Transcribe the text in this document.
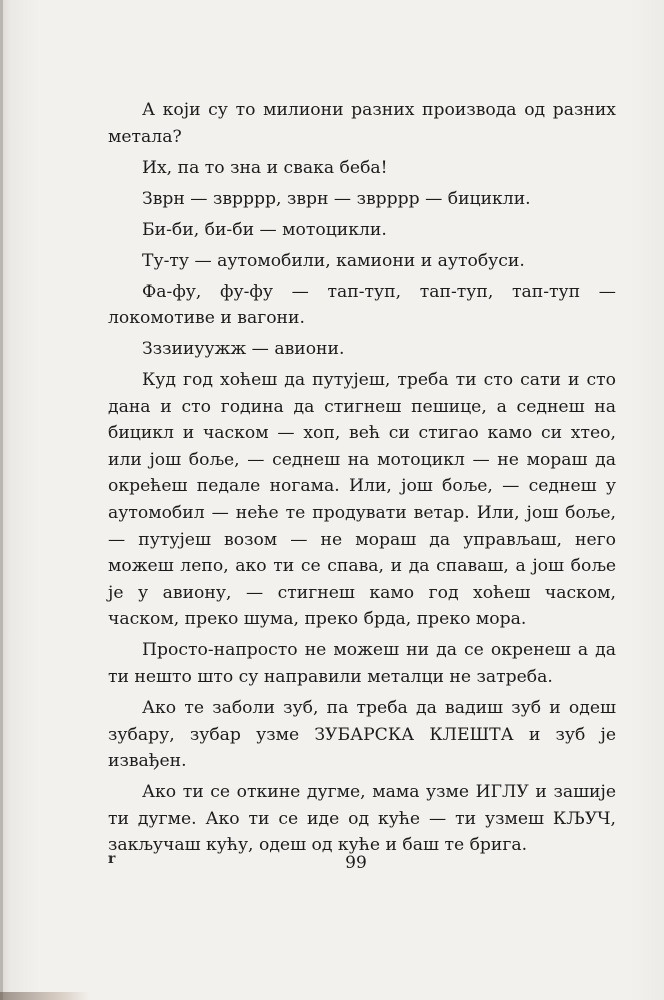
А који су то милиони разних производа од разних метала?

Их, па то зна и свака беба!

Зврн — зврррр, зврн — зврррр — бицикли.

Би-би, би-би — мотоцикли.

Ту-ту — аутомобили, камиони и аутобуси.

Фа-фу, фу-фу — тап-туп, тап-туп, тап-туп — локомотиве и вагони.

Зззииуужж — авиони.

Куд год хоћеш да путујеш, треба ти сто сати и сто дана и сто година да стигнеш пешице, а седнеш на бицикл и часком — хоп, већ си стигао камо си хтео, или још боље, — седнеш на мотоцикл — не мораш да окрећеш педале ногама. Или, још боље, — седнеш у аутомобил — неће те продувати ветар. Или, још боље, — путујеш возом — не мораш да управљаш, него можеш лепо, ако ти се спава, и да спаваш, а још боље је у авиону, — стигнеш камо год хоћеш часком, часком, преко шума, преко брда, преко мора.

Просто-напросто не можеш ни да се окренеш а да ти нешто што су направили металци не затреба.

Ако те заболи зуб, па треба да вадиш зуб и одеш зубару, зубар узме ЗУБАРСКА КЛЕШТА и зуб је извађен.

Ако ти се откине дугме, мама узме ИГЛУ и зашије ти дугме. Ако ти се иде од куће — ти узмеш КЉУЧ, закључаш кућу, одеш од куће и баш те брига.

r	99
